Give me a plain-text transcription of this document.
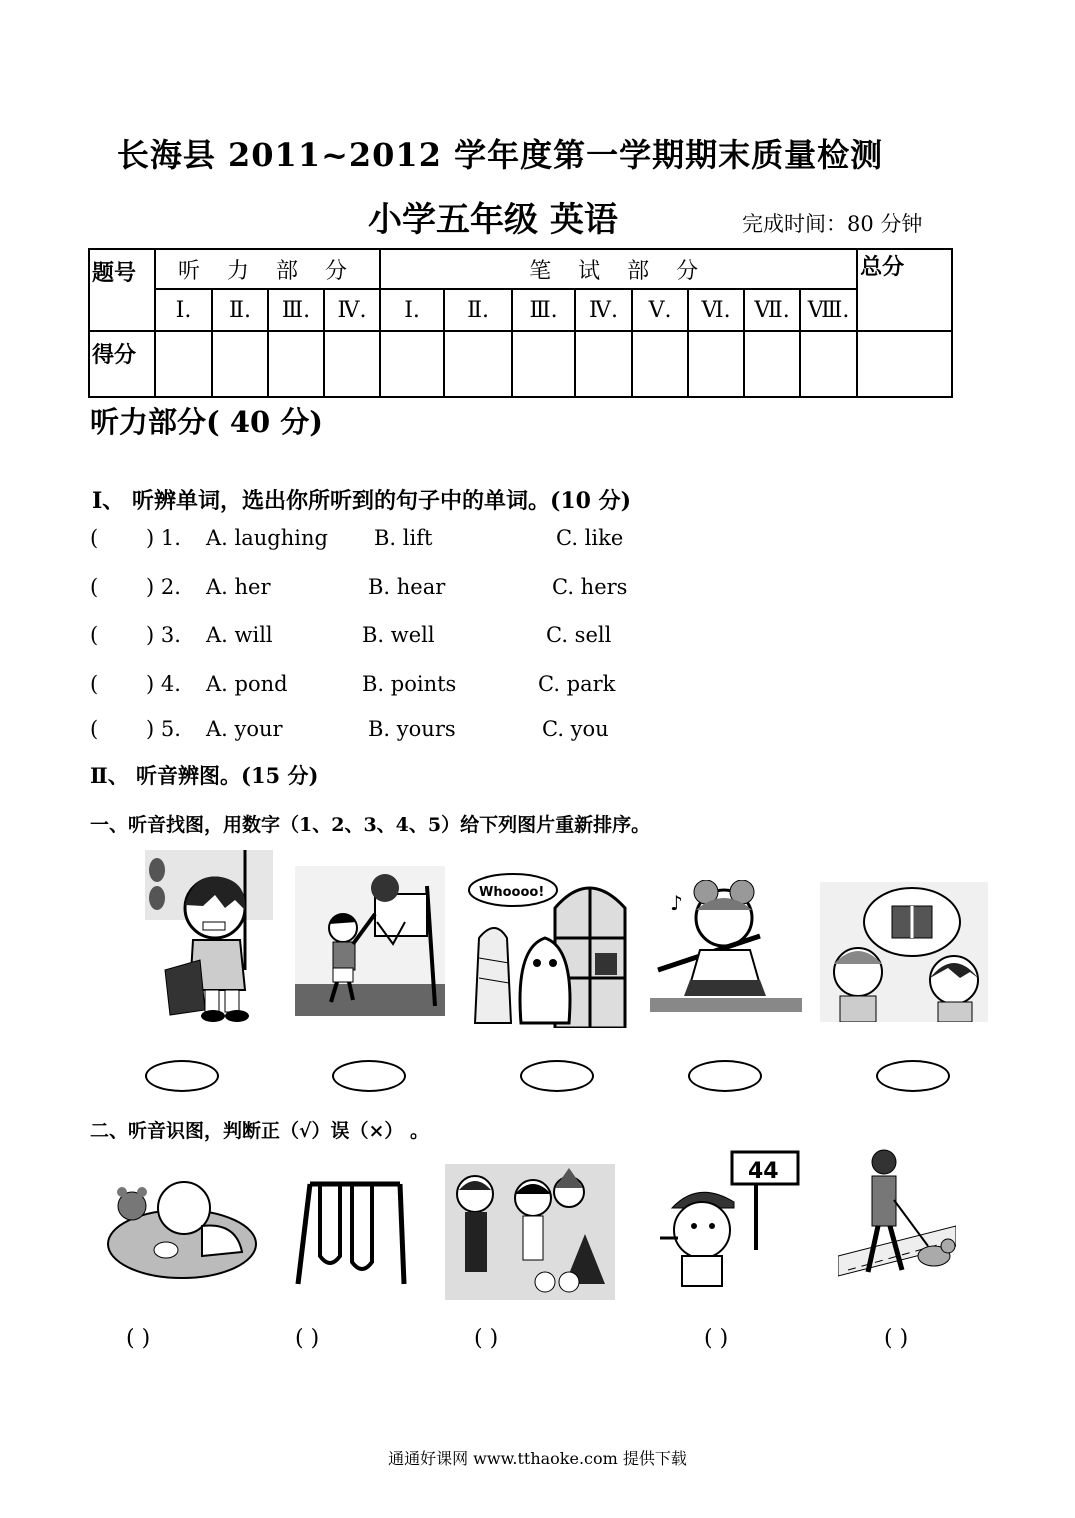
长海县 2011~2012 学年度第一学期期末质量检测
小学五年级 英语	完成时间：80 分钟
题号	听 力 部 分				笔 试 部 分								总分
	Ⅰ.	Ⅱ.	Ⅲ.	Ⅳ.	Ⅰ.	Ⅱ.	Ⅲ.	Ⅳ.	Ⅴ.	Ⅵ.	Ⅶ.	Ⅷ.	
得分													
听力部分( 40 分)
Ⅰ、 听辨单词，选出你所听到的句子中的单词。(10 分)
( ) 1. A. laughing B. lift	C. like
( ) 2. A. her	B. hear	C. hers
( ) 3. A. will	B. well	C. sell
( ) 4. A. pond	B. points	C. park
( ) 5. A. your	B. yours	C. you
Ⅱ、 听音辨图。(15 分)
一、听音找图，用数字（1、2、3、4、5）给下列图片重新排序。
Whoooo!	♪
二、听音识图，判断正（√）误（×） 。
44
( )	( )	( )	( )	( )
通通好课网 www.tthaoke.com 提供下载
